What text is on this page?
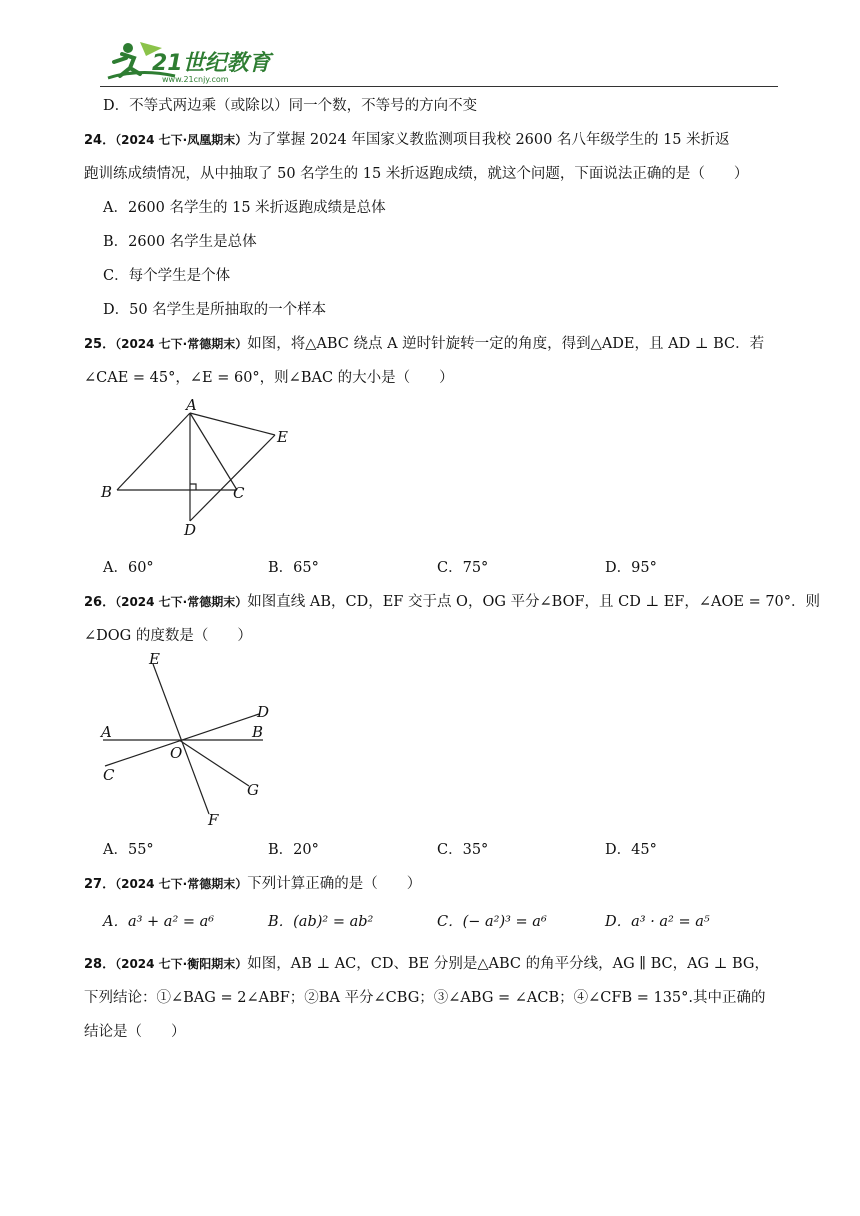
21世纪教育
www.21cnjy.com
D．不等式两边乘（或除以）同一个数，不等号的方向不变
24．（2024 七下·凤凰期末）为了掌握 2024 年国家义教监测项目我校 2600 名八年级学生的 15 米折返
跑训练成绩情况，从中抽取了 50 名学生的 15 米折返跑成绩，就这个问题，下面说法正确的是（　　）
A．2600 名学生的 15 米折返跑成绩是总体
B．2600 名学生是总体
C．每个学生是个体
D．50 名学生是所抽取的一个样本
25．（2024 七下·常德期末）如图，将△ABC 绕点 A 逆时针旋转一定的角度，得到△ADE，且 AD ⊥ BC．若
∠CAE = 45°，∠E = 60°，则∠BAC 的大小是（　　）
A
B	C
D
E
A．60°	B．65°	C．75°	D．95°
26．（2024 七下·常德期末）如图直线 AB，CD，EF 交于点 O，OG 平分∠BOF，且 CD ⊥ EF，∠AOE = 70°．则
∠DOG 的度数是（　　）
E
A	B
D
O
C
G
F
A．55°	B．20°	C．35°	D．45°
27．（2024 七下·常德期末）下列计算正确的是（　　）
A．a³ + a² = a⁶	B．(ab)² = ab²	C．(− a²)³ = a⁶	D．a³ · a² = a⁵
28．（2024 七下·衡阳期末）如图，AB ⊥ AC，CD、BE 分别是△ABC 的角平分线，AG ∥ BC，AG ⊥ BG，
下列结论：①∠BAG = 2∠ABF；②BA 平分∠CBG；③∠ABG = ∠ACB；④∠CFB = 135°.其中正确的
结论是（　　）
